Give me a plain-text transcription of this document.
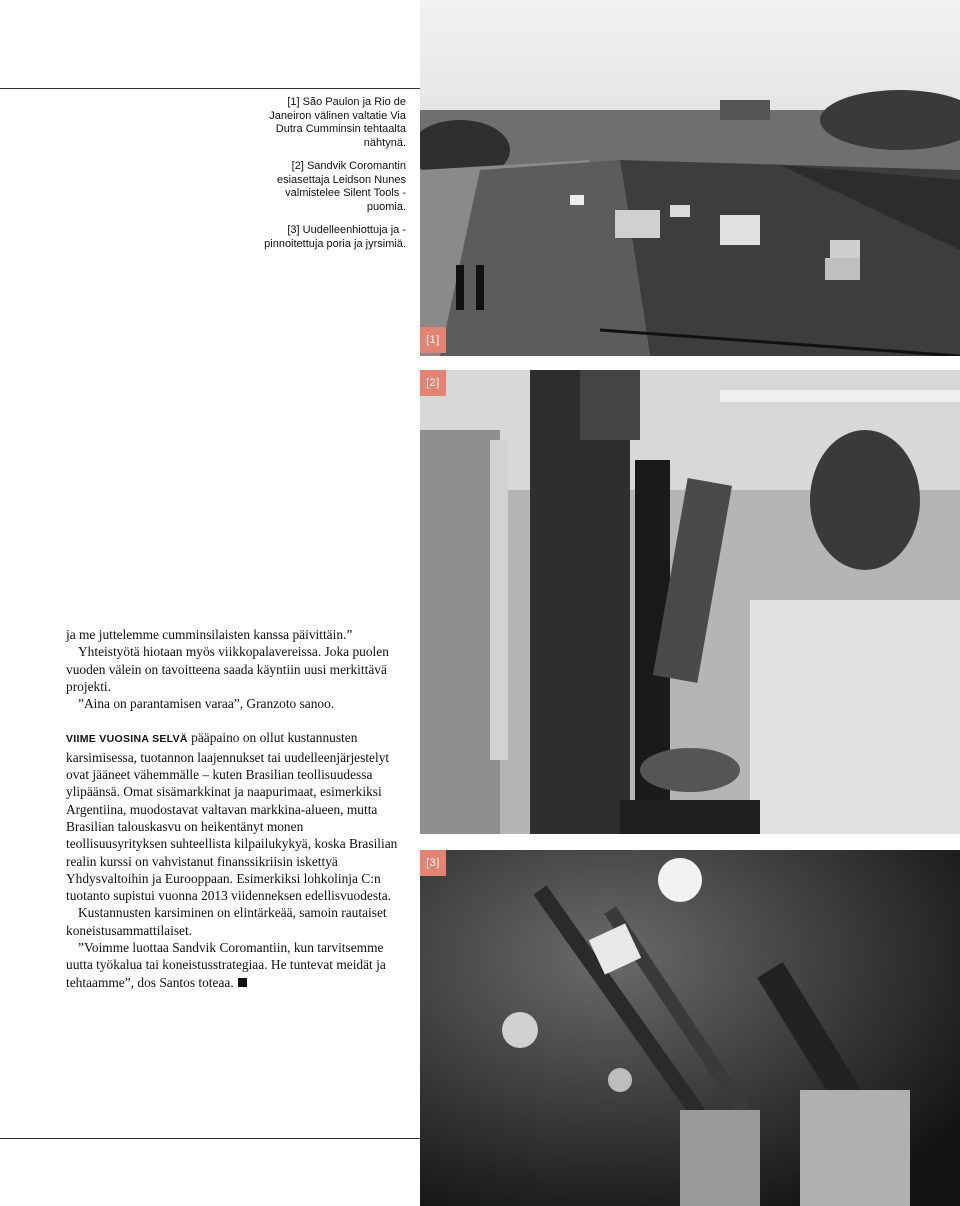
[1] São Paulon ja Rio de Janeiron välinen valtatie Via Dutra Cumminsin tehtaalta nähtynä.

[2] Sandvik Coromantin esiasettaja Leidson Nunes valmistelee Silent Tools -puomia.

[3] Uudelleenhiottuja ja -pinnoitettuja poria ja jyrsimiä.

[1]
[2]
[3]

ja me juttelemme cumminsilaisten kanssa päivittäin.”

Yhteistyötä hiotaan myös viikkopalavereissa. Joka puolen vuoden välein on tavoitteena saada käyntiin uusi merkittävä projekti.

”Aina on parantamisen varaa”, Granzoto sanoo.

VIIME VUOSINA SELVÄ pääpaino on ollut kustannusten karsimisessa, tuotannon laajennukset tai uudelleenjärjestelyt ovat jääneet vähemmälle – kuten Brasilian teollisuudessa ylipäänsä. Omat sisämarkkinat ja naapurimaat, esimerkiksi Argentiina, muodostavat valtavan markkina-alueen, mutta Brasilian talouskasvu on heikentänyt monen teollisuusyrityksen suhteellista kilpailukykyä, koska Brasilian realin kurssi on vahvistanut finanssikriisin iskettyä Yhdysvaltoihin ja Eurooppaan. Esimerkiksi lohkolinja C:n tuotanto supistui vuonna 2013 viidenneksen edellisvuodesta.

Kustannusten karsiminen on elintärkeää, samoin rautaiset koneistusammattilaiset.

”Voimme luottaa Sandvik Coromantiin, kun tarvitsemme uutta työkalua tai koneistusstrategiaa. He tuntevat meidät ja tehtaamme”, dos Santos toteaa.
